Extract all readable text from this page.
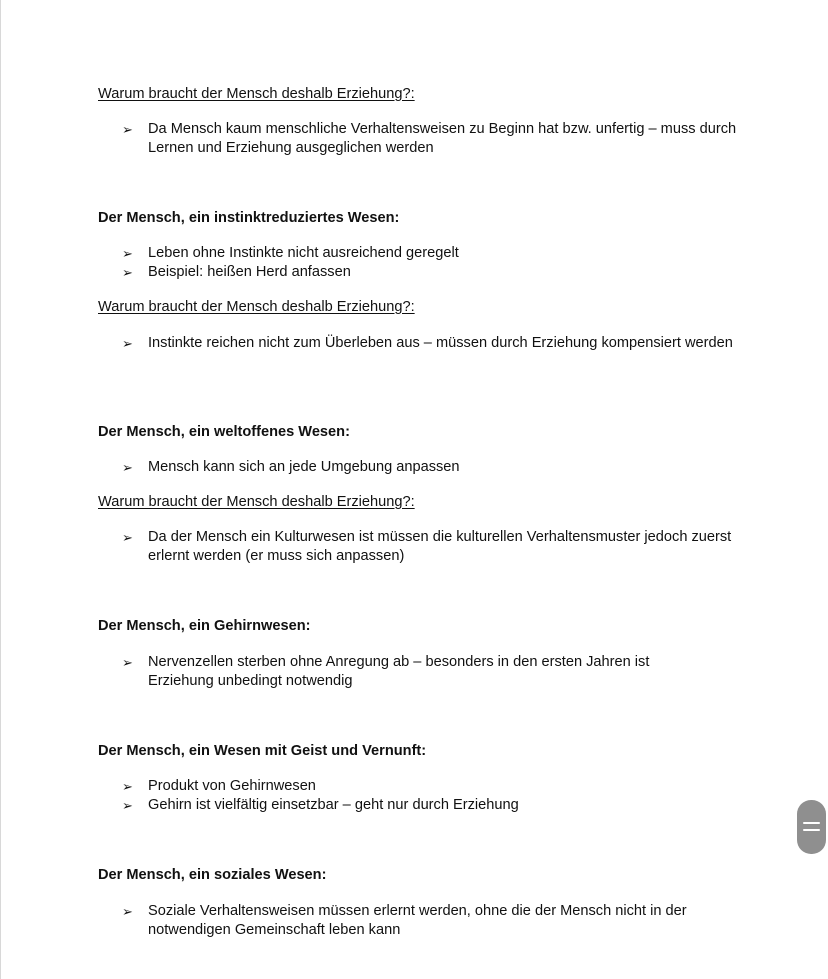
Warum braucht der Mensch deshalb Erziehung?:
➢ Da Mensch kaum menschliche Verhaltensweisen zu Beginn hat bzw. unfertig – muss durch Lernen und Erziehung ausgeglichen werden
Der Mensch, ein instinktreduziertes Wesen:
➢ Leben ohne Instinkte nicht ausreichend geregelt
➢ Beispiel: heißen Herd anfassen
Warum braucht der Mensch deshalb Erziehung?:
➢ Instinkte reichen nicht zum Überleben aus – müssen durch Erziehung kompensiert werden
Der Mensch, ein weltoffenes Wesen:
➢ Mensch kann sich an jede Umgebung anpassen
Warum braucht der Mensch deshalb Erziehung?:
➢ Da der Mensch ein Kulturwesen ist müssen die kulturellen Verhaltensmuster jedoch zuerst erlernt werden (er muss sich anpassen)
Der Mensch, ein Gehirnwesen:
➢ Nervenzellen sterben ohne Anregung ab – besonders in den ersten Jahren ist Erziehung unbedingt notwendig
Der Mensch, ein Wesen mit Geist und Vernunft:
➢ Produkt von Gehirnwesen
➢ Gehirn ist vielfältig einsetzbar – geht nur durch Erziehung
Der Mensch, ein soziales Wesen:
➢ Soziale Verhaltensweisen müssen erlernt werden, ohne die der Mensch nicht in der notwendigen Gemeinschaft leben kann
